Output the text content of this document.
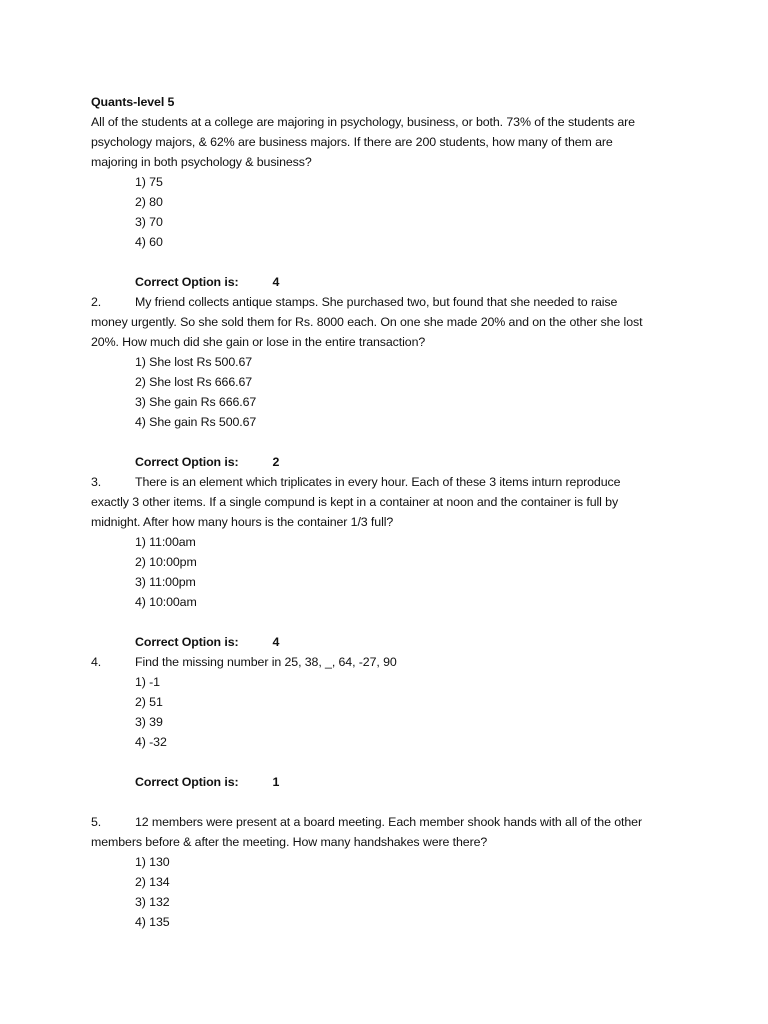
Quants-level 5
All of the students at a college are majoring in psychology, business, or both. 73% of the students are
psychology majors, & 62% are business majors. If there are 200 students, how many of them are
majoring in both psychology & business?
1) 75
2) 80
3) 70
4) 60
Correct Option is:	4
2.	My friend collects antique stamps. She purchased two, but found that she needed to raise
money urgently. So she sold them for Rs. 8000 each. On one she made 20% and on the other she lost
20%. How much did she gain or lose in the entire transaction?
1) She lost Rs 500.67
2) She lost Rs 666.67
3) She gain Rs 666.67
4) She gain Rs 500.67
Correct Option is:	2
3.	There is an element which triplicates in every hour. Each of these 3 items inturn reproduce
exactly 3 other items. If a single compund is kept in a container at noon and the container is full by
midnight. After how many hours is the container 1/3 full?
1) 11:00am
2) 10:00pm
3) 11:00pm
4) 10:00am
Correct Option is:	4
4.	Find the missing number in 25, 38, _, 64, -27, 90
1) -1
2) 51
3) 39
4) -32
Correct Option is:	1
5.	12 members were present at a board meeting. Each member shook hands with all of the other
members before & after the meeting. How many handshakes were there?
1) 130
2) 134
3) 132
4) 135
